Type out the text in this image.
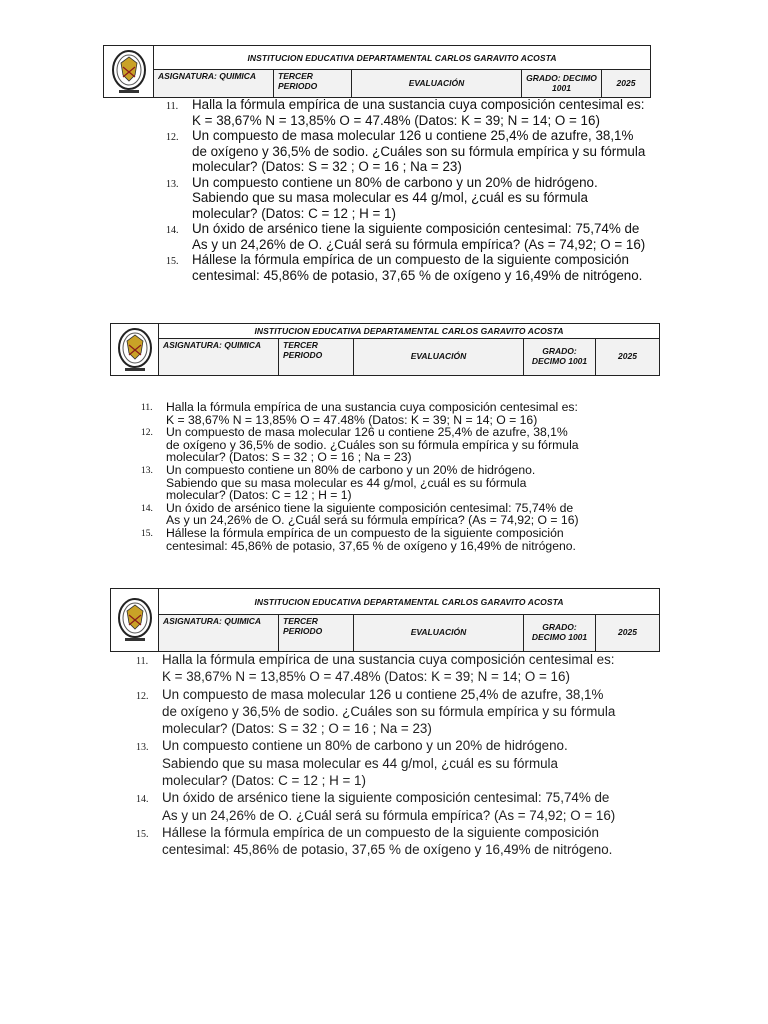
INSTITUCION EDUCATIVA DEPARTAMENTAL CARLOS GARAVITO ACOSTA
ASIGNATURA: QUIMICA	TERCER PERIODO	EVALUACIÓN	GRADO: DECIMO 1001	2025
11.	Halla la fórmula empírica de una sustancia cuya composición centesimal es:
K = 38,67% N = 13,85% O = 47.48% (Datos: K = 39; N = 14; O = 16)
12.	Un compuesto de masa molecular 126 u contiene 25,4% de azufre, 38,1%
de oxígeno y 36,5% de sodio. ¿Cuáles son su fórmula empírica y su fórmula
molecular? (Datos: S = 32 ; O = 16 ; Na = 23)
13.	Un compuesto contiene un 80% de carbono y un 20% de hidrógeno.
Sabiendo que su masa molecular es 44 g/mol, ¿cuál es su fórmula
molecular? (Datos: C = 12 ; H = 1)
14.	Un óxido de arsénico tiene la siguiente composición centesimal: 75,74% de
As y un 24,26% de O. ¿Cuál será su fórmula empírica? (As = 74,92; O = 16)
15.	Hállese la fórmula empírica de un compuesto de la siguiente composición
centesimal: 45,86% de potasio, 37,65 % de oxígeno y 16,49% de nitrógeno.
INSTITUCION EDUCATIVA DEPARTAMENTAL CARLOS GARAVITO ACOSTA
ASIGNATURA: QUIMICA	TERCER PERIODO	EVALUACIÓN	GRADO: DECIMO 1001	2025
11.	Halla la fórmula empírica de una sustancia cuya composición centesimal es:
K = 38,67% N = 13,85% O = 47.48% (Datos: K = 39; N = 14; O = 16)
12.	Un compuesto de masa molecular 126 u contiene 25,4% de azufre, 38,1%
de oxígeno y 36,5% de sodio. ¿Cuáles son su fórmula empírica y su fórmula
molecular? (Datos: S = 32 ; O = 16 ; Na = 23)
13.	Un compuesto contiene un 80% de carbono y un 20% de hidrógeno.
Sabiendo que su masa molecular es 44 g/mol, ¿cuál es su fórmula
molecular? (Datos: C = 12 ; H = 1)
14.	Un óxido de arsénico tiene la siguiente composición centesimal: 75,74% de
As y un 24,26% de O. ¿Cuál será su fórmula empírica? (As = 74,92; O = 16)
15.	Hállese la fórmula empírica de un compuesto de la siguiente composición
centesimal: 45,86% de potasio, 37,65 % de oxígeno y 16,49% de nitrógeno.
INSTITUCION EDUCATIVA DEPARTAMENTAL CARLOS GARAVITO ACOSTA
ASIGNATURA: QUIMICA	TERCER PERIODO	EVALUACIÓN	GRADO: DECIMO 1001	2025
11.	Halla la fórmula empírica de una sustancia cuya composición centesimal es:
K = 38,67% N = 13,85% O = 47.48% (Datos: K = 39; N = 14; O = 16)
12.	Un compuesto de masa molecular 126 u contiene 25,4% de azufre, 38,1%
de oxígeno y 36,5% de sodio. ¿Cuáles son su fórmula empírica y su fórmula
molecular? (Datos: S = 32 ; O = 16 ; Na = 23)
13.	Un compuesto contiene un 80% de carbono y un 20% de hidrógeno.
Sabiendo que su masa molecular es 44 g/mol, ¿cuál es su fórmula
molecular? (Datos: C = 12 ; H = 1)
14.	Un óxido de arsénico tiene la siguiente composición centesimal: 75,74% de
As y un 24,26% de O. ¿Cuál será su fórmula empírica? (As = 74,92; O = 16)
15.	Hállese la fórmula empírica de un compuesto de la siguiente composición
centesimal: 45,86% de potasio, 37,65 % de oxígeno y 16,49% de nitrógeno.
